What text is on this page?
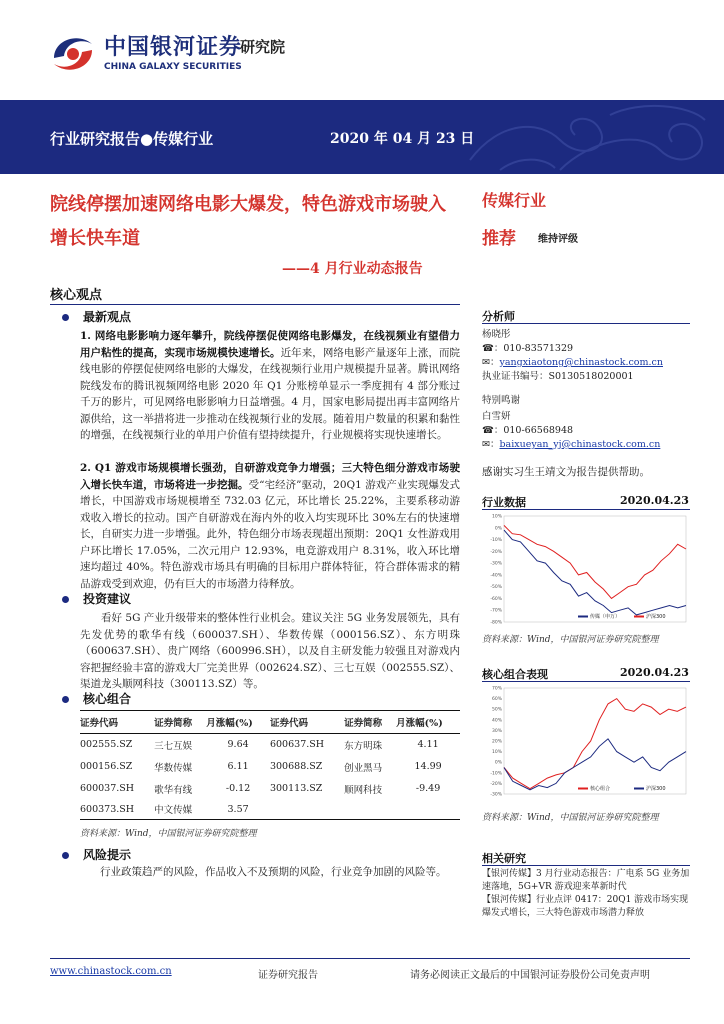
中国银河证券
研究院
CHINA GALAXY SECURITIES
行业研究报告●传媒行业	2020 年 04 月 23 日
院线停摆加速网络电影大爆发，特色游戏市场驶入增长快车道
——4 月行业动态报告
传媒行业
推荐 维持评级
核心观点
最新观点
1. 网络电影影响力逐年攀升，院线停摆促使网络电影爆发，在线视频业有望借力用户粘性的提高，实现市场规模快速增长。近年来，网络电影产量逐年上涨，而院线电影的停摆促使网络电影的大爆发，在线视频行业用户规模提升显著。腾讯网络院线发布的腾讯视频网络电影 2020 年 Q1 分账榜单显示一季度拥有 4 部分账过千万的影片，可见网络电影影响力日益增强。4 月，国家电影局提出再丰富网络片源供给，这一举措将进一步推动在线视频行业的发展。随着用户数量的积累和黏性的增强，在线视频行业的单用户价值有望持续提升，行业规模将实现快速增长。
2. Q1 游戏市场规模增长强劲，自研游戏竞争力增强；三大特色细分游戏市场驶入增长快车道，市场将进一步挖掘。受“宅经济”驱动，20Q1 游戏产业实现爆发式增长，中国游戏市场规模增至 732.03 亿元，环比增长 25.22%，主要系移动游戏收入增长的拉动。国产自研游戏在海内外的收入均实现环比 30%左右的快速增长，自研实力进一步增强。此外，特色细分市场表现超出预期：20Q1 女性游戏用户环比增长 17.05%，二次元用户 12.93%，电竞游戏用户 8.31%，收入环比增速均超过 40%。特色游戏市场具有明确的目标用户群体特征，符合群体需求的精品游戏受到欢迎，仍有巨大的市场潜力待释放。
投资建议
看好 5G 产业升级带来的整体性行业机会。建议关注 5G 业务发展领先，具有先发优势的歌华有线（600037.SH）、华数传媒（000156.SZ）、东方明珠（600637.SH）、贵广网络（600996.SH），以及自主研发能力较强且对游戏内容把握经验丰富的游戏大厂完美世界（002624.SZ）、三七互娱（002555.SZ）、渠道龙头顺网科技（300113.SZ）等。
核心组合
证券代码	证券简称	月涨幅(%)	证券代码	证券简称	月涨幅(%)
002555.SZ	三七互娱	9.64	600637.SH	东方明珠	4.11
000156.SZ	华数传媒	6.11	300688.SZ	创业黑马	14.99
600037.SH	歌华有线	-0.12	300113.SZ	顺网科技	-9.49
600373.SH	中文传媒	3.57			
资料来源：Wind，中国银河证券研究院整理
风险提示
行业政策趋严的风险，作品收入不及预期的风险，行业竞争加剧的风险等。
分析师
杨晓彤
☎：010-83571329
✉：yangxiaotong@chinastock.com.cn
执业证书编号：S0130518020001
特别鸣谢
白雪妍
☎：010-66568948
✉：baixueyan_yj@chinastock.com.cn
感谢实习生王靖文为报告提供帮助。
行业数据	2020.04.23
10%
0%
-10%
-20%
-30%
-40%
-50%
-60%
-70%
-80%
传媒（申万）	沪深300
资料来源：Wind，中国银河证券研究院整理
核心组合表现	2020.04.23
70%
60%
50%
40%
30%
20%
10%
0%
-10%
-20%
-30%
核心组合	沪深300
资料来源：Wind，中国银河证券研究院整理
相关研究
【银河传媒】3 月行业动态报告：广电系 5G 业务加速落地，5G+VR 游戏迎来革新时代
【银河传媒】行业点评 0417：20Q1 游戏市场实现爆发式增长，三大特色游戏市场潜力释放
www.chinastock.com.cn	证券研究报告	请务必阅读正文最后的中国银河证券股份公司免责声明
